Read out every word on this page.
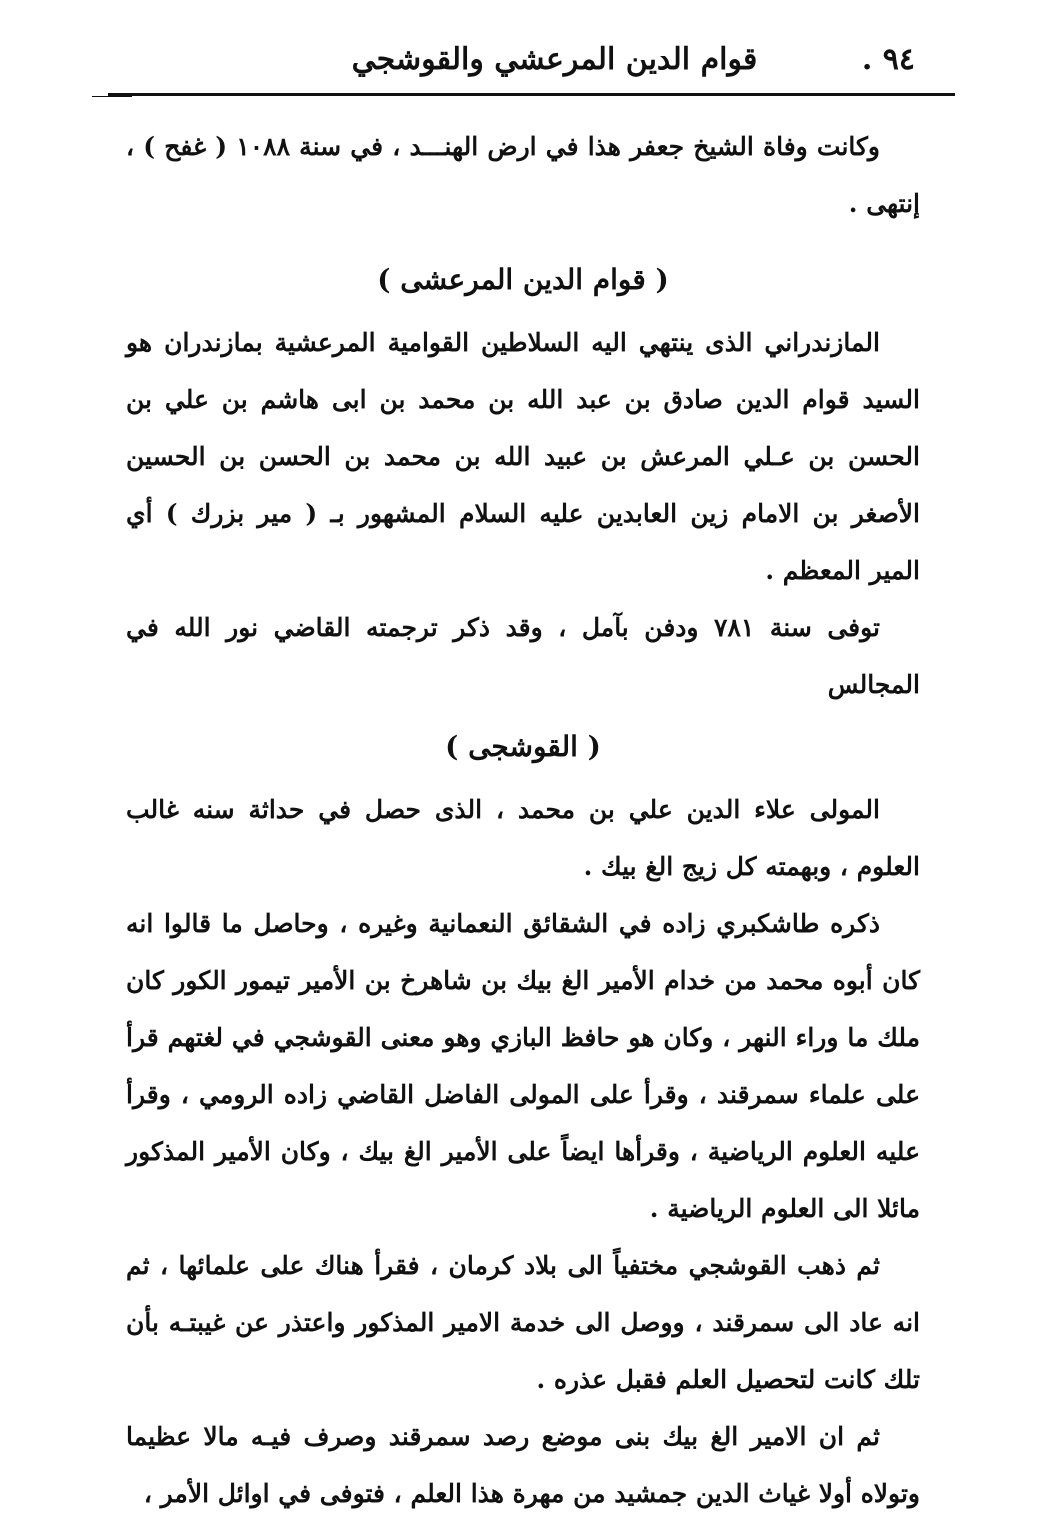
٩٤ .
قوام الدين المرعشي والقوشجي

وكانت وفاة الشيخ جعفر هذا في ارض الهنـــد ، في سنة ١٠٨٨ ( غفح ) ، إنتهى .

( قوام الدين المرعشى )

المازندراني الذى ينتهي اليه السلاطين القوامية المرعشية بمازندران هو السيد قوام الدين صادق بن عبد الله بن محمد بن ابى هاشم بن علي بن الحسن بن عـلي المرعش بن عبيد الله بن محمد بن الحسن بن الحسين الأصغر بن الامام زين العابدين عليه السلام المشهور بـ ( مير بزرك ) أي المير المعظم .

توفى سنة ٧٨١ ودفن بآمل ، وقد ذكر ترجمته القاضي نور الله في المجالس

( القوشجى )

المولى علاء الدين علي بن محمد ، الذى حصل في حداثة سنه غالب العلوم ، وبهمته كل زيج الغ بيك .

ذكره طاشكبري زاده في الشقائق النعمانية وغيره ، وحاصل ما قالوا انه كان أبوه محمد من خدام الأمير الغ بيك بن شاهرخ بن الأمير تيمور الكور كان ملك ما وراء النهر ، وكان هو حافظ البازي وهو معنى القوشجي في لغتهم قرأ على علماء سمرقند ، وقرأ على المولى الفاضل القاضي زاده الرومي ، وقرأ عليه العلوم الرياضية ، وقرأها ايضاً على الأمير الغ بيك ، وكان الأمير المذكور مائلا الى العلوم الرياضية .

ثم ذهب القوشجي مختفياً الى بلاد كرمان ، فقرأ هناك على علمائها ، ثم انه عاد الى سمرقند ، ووصل الى خدمة الامير المذكور واعتذر عن غيبتـه بأن تلك كانت لتحصيل العلم فقبل عذره .

ثم ان الامير الغ بيك بنى موضع رصد سمرقند وصرف فيـه مالا عظيما وتولاه أولا غياث الدين جمشيد من مهرة هذا العلم ، فتوفى في اوائل الأمر ،
